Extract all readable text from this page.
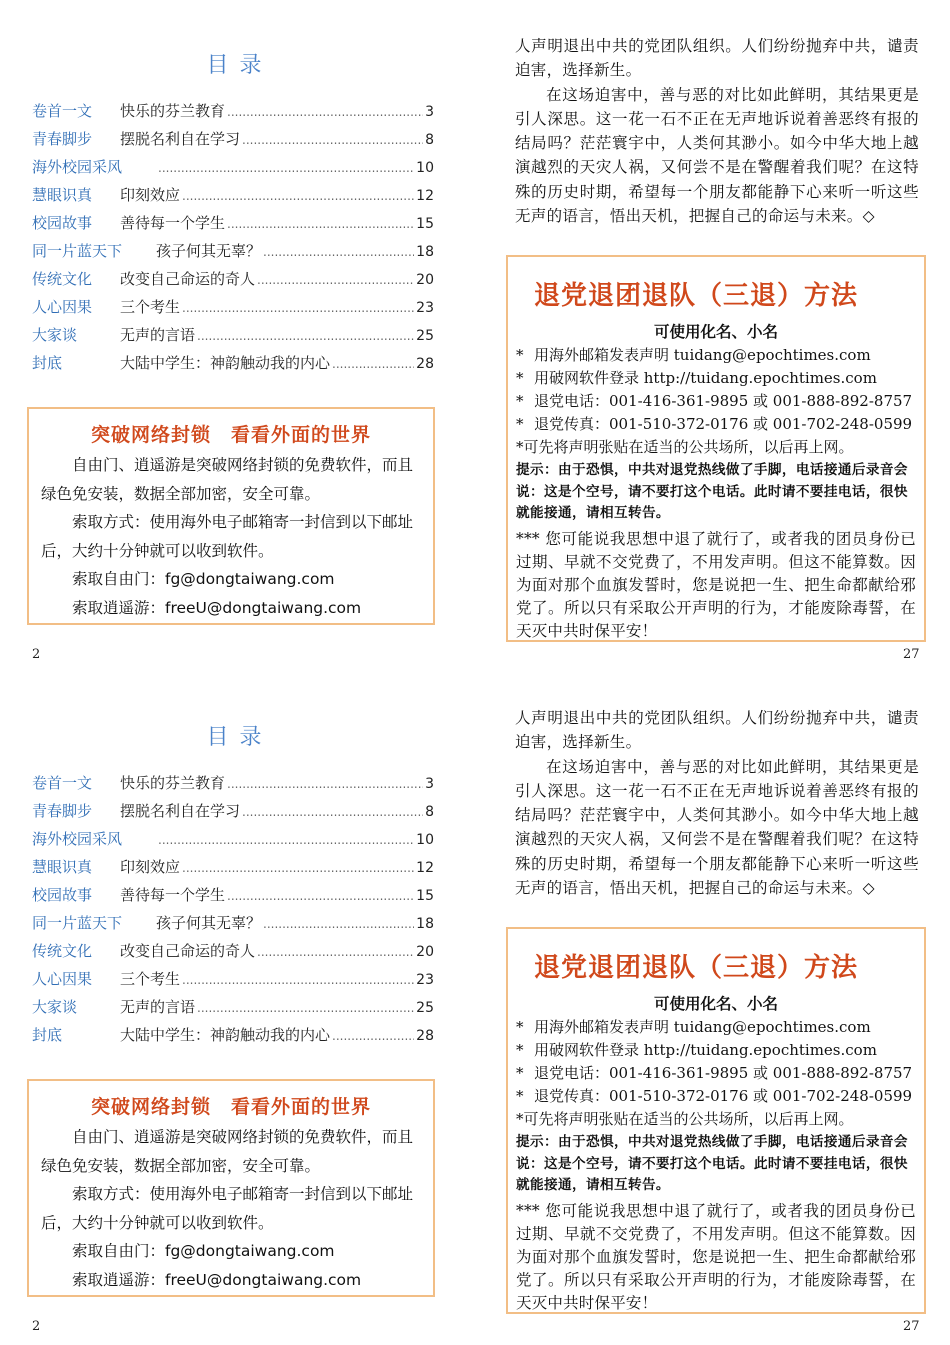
目 录
卷首一文	快乐的芬兰教育 .....	3
青春脚步	摆脱名利自在学习 .....	8
海外校园采风 .....	10
慧眼识真	印刻效应 .....	12
校园故事	善待每一个学生 .....	15
同一片蓝天下	孩子何其无辜？ .....	18
传统文化	改变自己命运的奇人 .....	20
人心因果	三个考生 .....	23
大家谈	无声的言语 .....	25
封底	大陆中学生：神韵触动我的内心 .....	28
突破网络封锁　看看外面的世界
自由门、逍遥游是突破网络封锁的免费软件，而且绿色免安装，数据全部加密，安全可靠。
索取方式：使用海外电子邮箱寄一封信到以下邮址后，大约十分钟就可以收到软件。
索取自由门：fg@dongtaiwang.com
索取逍遥游：freeU@dongtaiwang.com
2

人声明退出中共的党团队组织。人们纷纷抛弃中共，谴责迫害，选择新生。

在这场迫害中，善与恶的对比如此鲜明，其结果更是引人深思。这一花一石不正在无声地诉说着善恶终有报的结局吗？茫茫寰宇中，人类何其渺小。如今中华大地上越演越烈的天灾人祸，又何尝不是在警醒着我们呢？在这特殊的历史时期，希望每一个朋友都能静下心来听一听这些无声的语言，悟出天机，把握自己的命运与未来。◇

退党退团退队（三退）方法
可使用化名、小名
* 用海外邮箱发表声明 tuidang@epochtimes.com
* 用破网软件登录 http://tuidang.epochtimes.com
* 退党电话：001-416-361-9895 或 001-888-892-8757
* 退党传真：001-510-372-0176 或 001-702-248-0599
*可先将声明张贴在适当的公共场所，以后再上网。
提示：由于恐惧，中共对退党热线做了手脚，电话接通后录音会说：这是个空号，请不要打这个电话。此时请不要挂电话，很快就能接通，请相互转告。
*** 您可能说我思想中退了就行了，或者我的团员身份已过期、早就不交党费了，不用发声明。但这不能算数。因为面对那个血旗发誓时，您是说把一生、把生命都献给邪党了。所以只有采取公开声明的行为，才能废除毒誓，在天灭中共时保平安！
27
目 录
卷首一文	快乐的芬兰教育 .....	3
青春脚步	摆脱名利自在学习 .....	8
海外校园采风 .....	10
慧眼识真	印刻效应 .....	12
校园故事	善待每一个学生 .....	15
同一片蓝天下	孩子何其无辜？ .....	18
传统文化	改变自己命运的奇人 .....	20
人心因果	三个考生 .....	23
大家谈	无声的言语 .....	25
封底	大陆中学生：神韵触动我的内心 .....	28
突破网络封锁　看看外面的世界
自由门、逍遥游是突破网络封锁的免费软件，而且绿色免安装，数据全部加密，安全可靠。
索取方式：使用海外电子邮箱寄一封信到以下邮址后，大约十分钟就可以收到软件。
索取自由门：fg@dongtaiwang.com
索取逍遥游：freeU@dongtaiwang.com
2

人声明退出中共的党团队组织。人们纷纷抛弃中共，谴责迫害，选择新生。

在这场迫害中，善与恶的对比如此鲜明，其结果更是引人深思。这一花一石不正在无声地诉说着善恶终有报的结局吗？茫茫寰宇中，人类何其渺小。如今中华大地上越演越烈的天灾人祸，又何尝不是在警醒着我们呢？在这特殊的历史时期，希望每一个朋友都能静下心来听一听这些无声的语言，悟出天机，把握自己的命运与未来。◇

退党退团退队（三退）方法
可使用化名、小名
* 用海外邮箱发表声明 tuidang@epochtimes.com
* 用破网软件登录 http://tuidang.epochtimes.com
* 退党电话：001-416-361-9895 或 001-888-892-8757
* 退党传真：001-510-372-0176 或 001-702-248-0599
*可先将声明张贴在适当的公共场所，以后再上网。
提示：由于恐惧，中共对退党热线做了手脚，电话接通后录音会说：这是个空号，请不要打这个电话。此时请不要挂电话，很快就能接通，请相互转告。
*** 您可能说我思想中退了就行了，或者我的团员身份已过期、早就不交党费了，不用发声明。但这不能算数。因为面对那个血旗发誓时，您是说把一生、把生命都献给邪党了。所以只有采取公开声明的行为，才能废除毒誓，在天灭中共时保平安！
27
